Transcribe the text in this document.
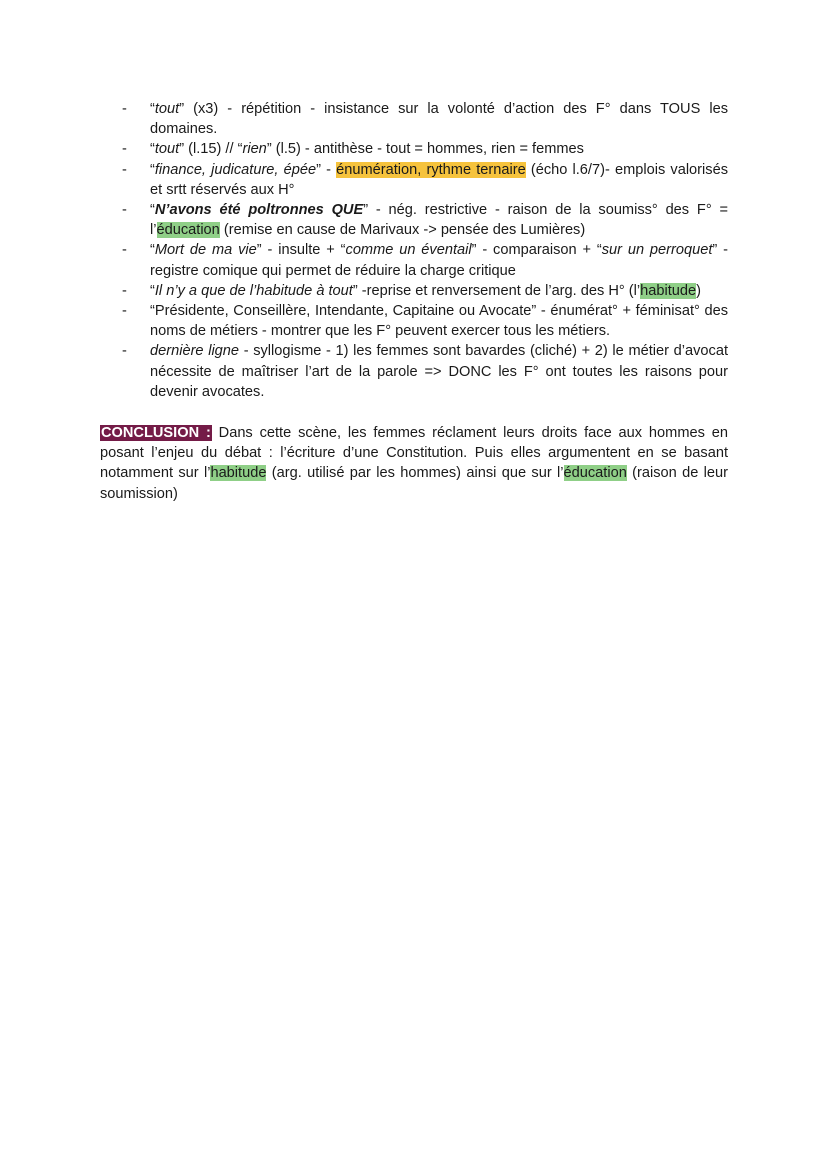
- “tout” (x3) - répétition - insistance sur la volonté d’action des F° dans TOUS les domaines.
- “tout” (l.15) // “rien” (l.5) - antithèse - tout = hommes, rien = femmes
- “finance, judicature, épée” - énumération, rythme ternaire (écho l.6/7)- emplois valorisés et srtt réservés aux H°
- “N’avons été poltronnes QUE” - nég. restrictive - raison de la soumiss° des F° = l’éducation (remise en cause de Marivaux -> pensée des Lumières)
- “Mort de ma vie” - insulte + “comme un éventail” - comparaison + “sur un perroquet” - registre comique qui permet de réduire la charge critique
- “Il n’y a que de l’habitude à tout” -reprise et renversement de l’arg. des H° (l’habitude)
- “Présidente, Conseillère, Intendante, Capitaine ou Avocate” - énumérat° + féminisat° des noms de métiers - montrer que les F° peuvent exercer tous les métiers.
- dernière ligne - syllogisme - 1) les femmes sont bavardes (cliché) + 2) le métier d’avocat nécessite de maîtriser l’art de la parole => DONC les F° ont toutes les raisons pour devenir avocates.

CONCLUSION : Dans cette scène, les femmes réclament leurs droits face aux hommes en posant l’enjeu du débat : l’écriture d’une Constitution. Puis elles argumentent en se basant notamment sur l’habitude (arg. utilisé par les hommes) ainsi que sur l’éducation (raison de leur soumission)
